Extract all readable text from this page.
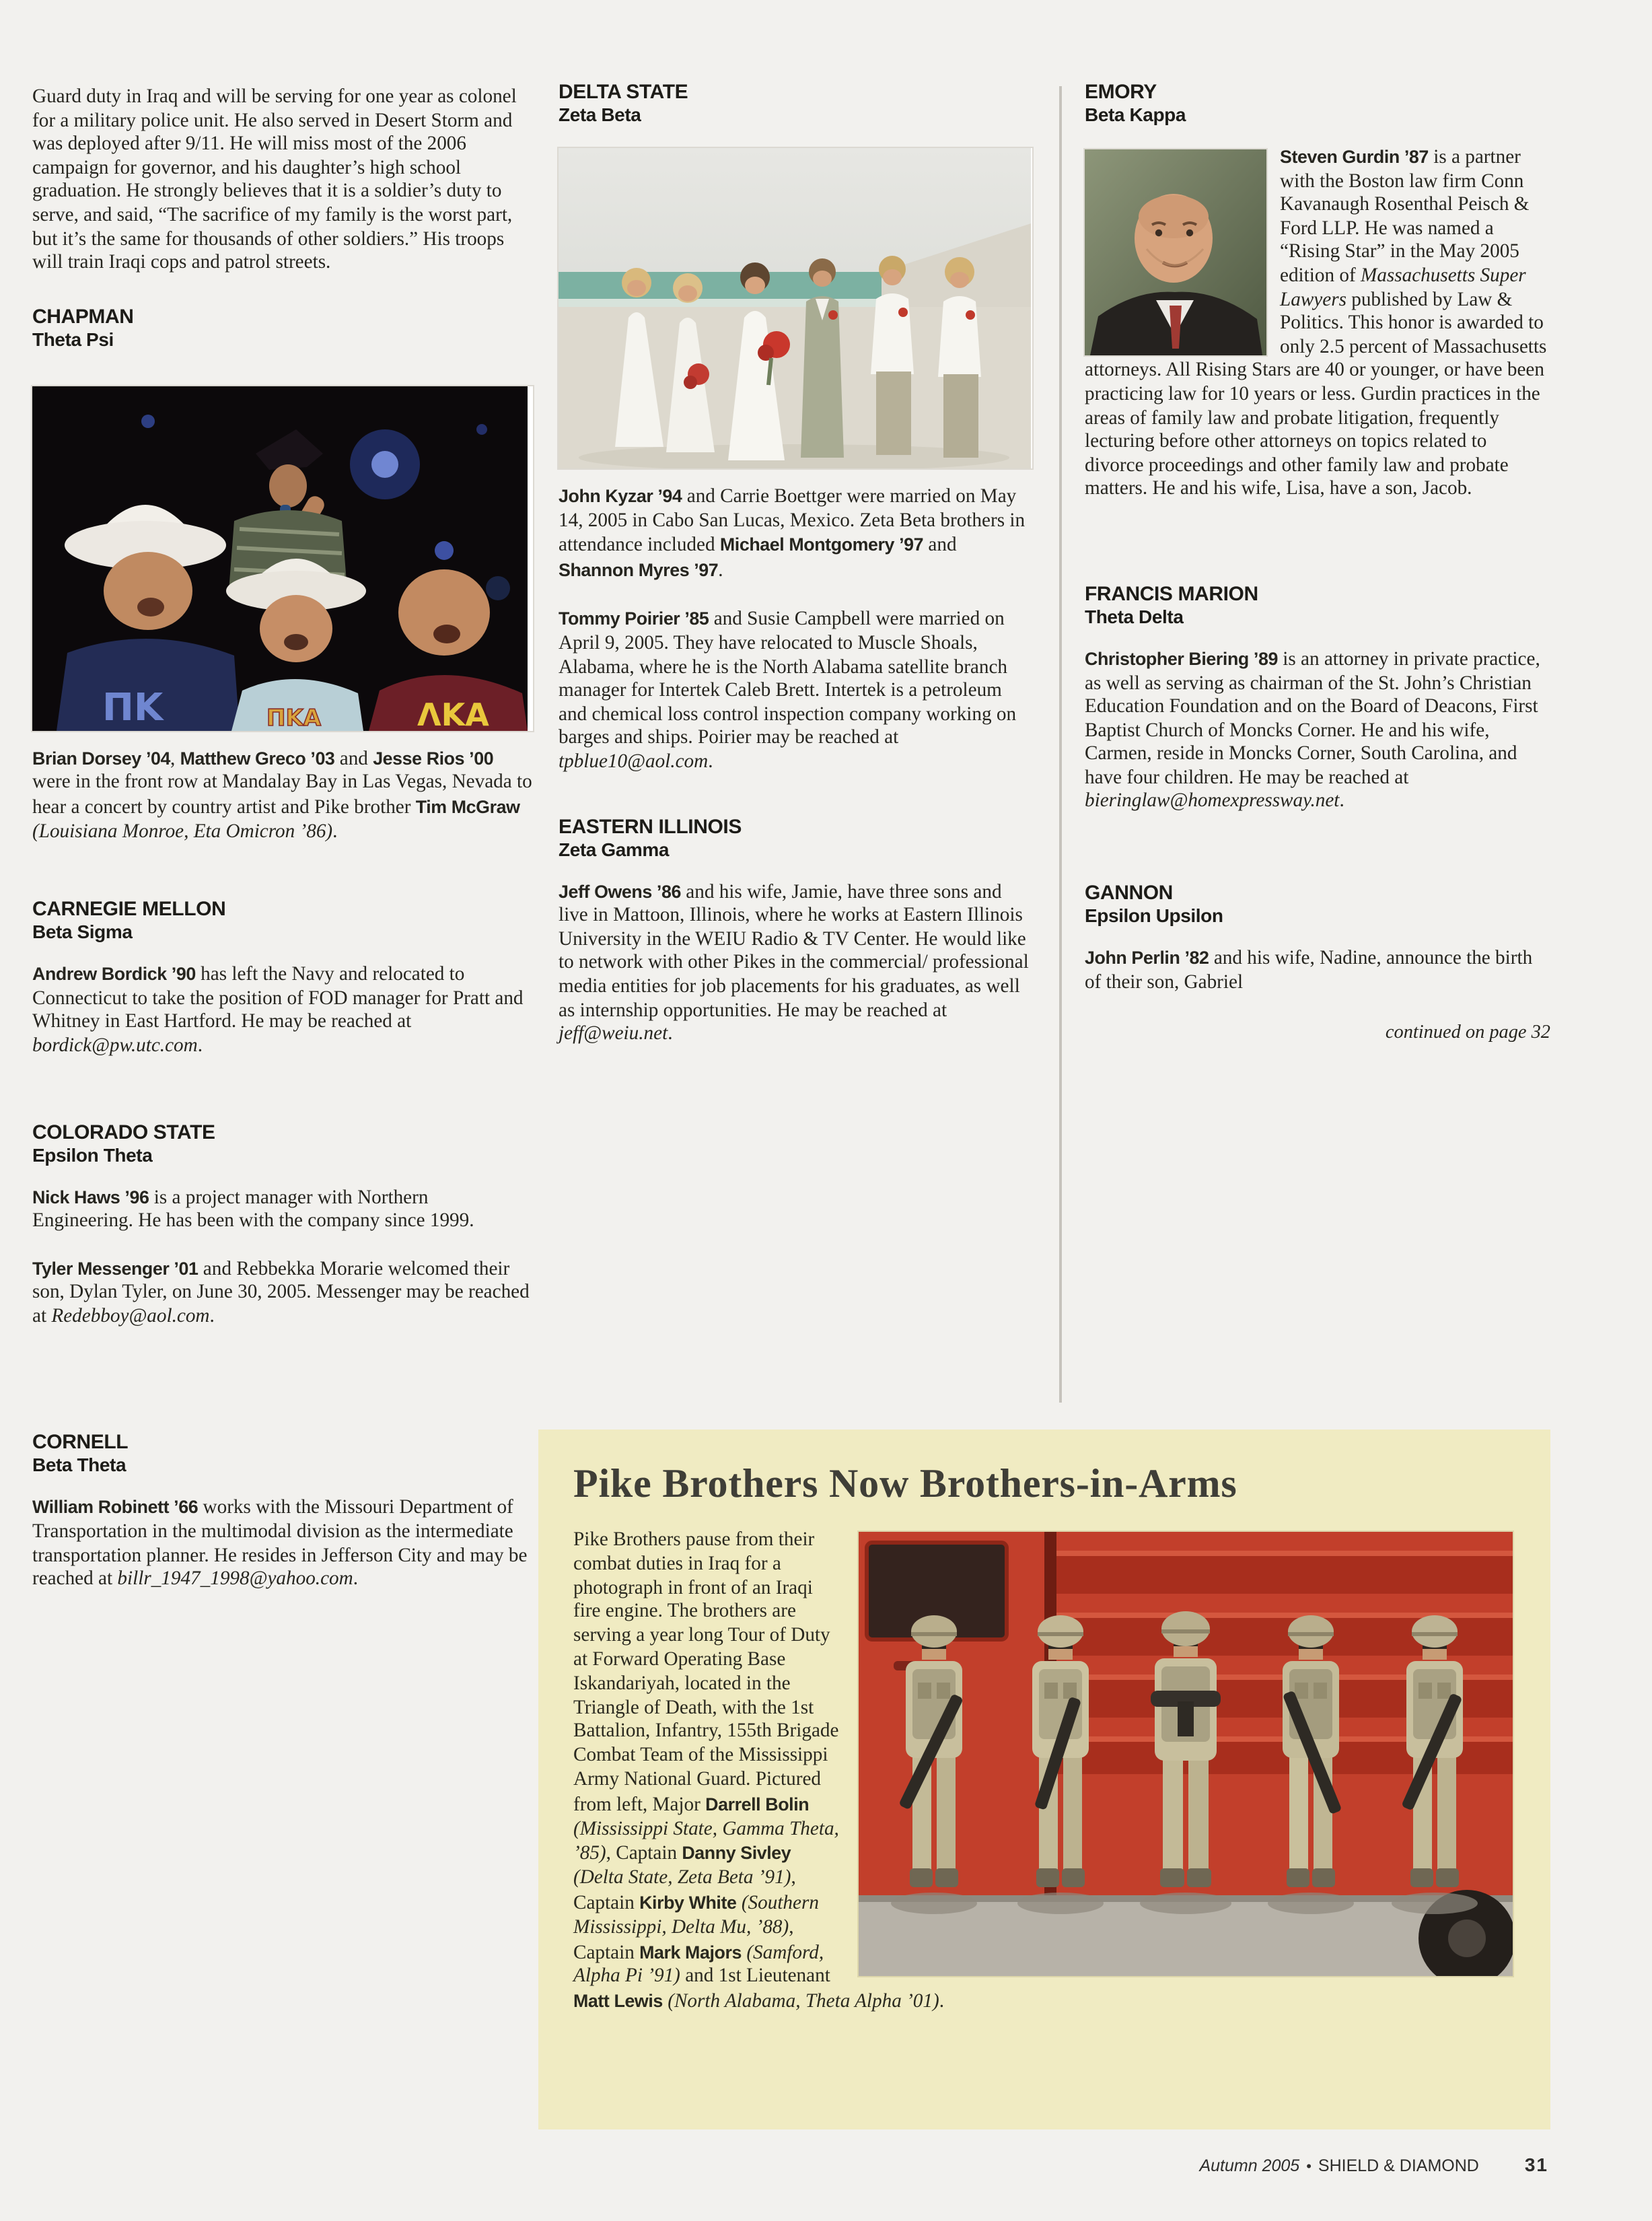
Guard duty in Iraq and will be serving for one year as colonel for a military police unit. He also served in Desert Storm and was deployed after 9/11. He will miss most of the 2006 campaign for governor, and his daughter’s high school graduation. He strongly believes that it is a soldier’s duty to serve, and said, “The sacrifice of my family is the worst part, but it’s the same for thousands of other soldiers.” His troops will train Iraqi cops and patrol streets.

CHAPMAN
Theta Psi
ΠΚ	ΠΚΑ	ΛΚΑ

Brian Dorsey ’04, Matthew Greco ’03 and Jesse Rios ’00 were in the front row at Mandalay Bay in Las Vegas, Nevada to hear a concert by country artist and Pike brother Tim McGraw (Louisiana Monroe, Eta Omicron ’86).

CARNEGIE MELLON
Beta Sigma

Andrew Bordick ’90 has left the Navy and relocated to Connecticut to take the position of FOD manager for Pratt and Whitney in East Hartford. He may be reached at bordick@pw.utc.com.

COLORADO STATE
Epsilon Theta

Nick Haws ’96 is a project manager with Northern Engineering. He has been with the company since 1999.

Tyler Messenger ’01 and Rebbekka Morarie welcomed their son, Dylan Tyler, on June 30, 2005. Messenger may be reached at Redebboy@aol.com.

CORNELL
Beta Theta

William Robinett ’66 works with the Missouri Department of Transportation in the multimodal division as the intermediate transportation planner. He resides in Jefferson City and may be reached at billr_1947_1998@yahoo.com.

DELTA STATE
Zeta Beta

John Kyzar ’94 and Carrie Boettger were married on May 14, 2005 in Cabo San Lucas, Mexico. Zeta Beta brothers in attendance included Michael Montgomery ’97 and Shannon Myres ’97.

Tommy Poirier ’85 and Susie Campbell were married on April 9, 2005. They have relocated to Muscle Shoals, Alabama, where he is the North Alabama satellite branch manager for Intertek Caleb Brett. Intertek is a petroleum and chemical loss control inspection company working on barges and ships. Poirier may be reached at tpblue10@aol.com.

EASTERN ILLINOIS
Zeta Gamma

Jeff Owens ’86 and his wife, Jamie, have three sons and live in Mattoon, Illinois, where he works at Eastern Illinois University in the WEIU Radio & TV Center. He would like to network with other Pikes in the commercial/ professional media entities for job placements for his graduates, as well as internship opportunities. He may be reached at jeff@weiu.net.

EMORY
Beta Kappa

Steven Gurdin ’87 is a partner with the Boston law firm Conn Kavanaugh Rosenthal Peisch & Ford LLP. He was named a “Rising Star” in the May 2005 edition of Massachusetts Super Lawyers published by Law & Politics. This honor is awarded to only 2.5 percent of Massachusetts attorneys. All Rising Stars are 40 or younger, or have been practicing law for 10 years or less. Gurdin practices in the areas of family law and probate litigation, frequently lecturing before other attorneys on topics related to divorce proceedings and other family law and probate matters. He and his wife, Lisa, have a son, Jacob.

FRANCIS MARION
Theta Delta

Christopher Biering ’89 is an attorney in private practice, as well as serving as chairman of the St. John’s Christian Education Foundation and on the Board of Deacons, First Baptist Church of Moncks Corner. He and his wife, Carmen, reside in Moncks Corner, South Carolina, and have four children. He may be reached at bieringlaw@homexpressway.net.

GANNON
Epsilon Upsilon

John Perlin ’82 and his wife, Nadine, announce the birth of their son, Gabriel

continued on page 32
Pike Brothers Now Brothers-in-Arms
Pike Brothers pause from their combat duties in Iraq for a photograph in front of an Iraqi fire engine. The brothers are serving a year long Tour of Duty at Forward Operating Base Iskandariyah, located in the Triangle of Death, with the 1st Battalion, Infantry, 155th Brigade Combat Team of the Mississippi Army National Guard. Pictured from left, Major Darrell Bolin (Mississippi State, Gamma Theta, ’85), Captain Danny Sivley (Delta State, Zeta Beta ’91), Captain Kirby White (Southern Mississippi, Delta Mu, ’88), Captain Mark Majors (Samford, Alpha Pi ’91) and 1st Lieutenant Matt Lewis (North Alabama, Theta Alpha ’01).
Autumn 2005 • SHIELD & DIAMOND	31
